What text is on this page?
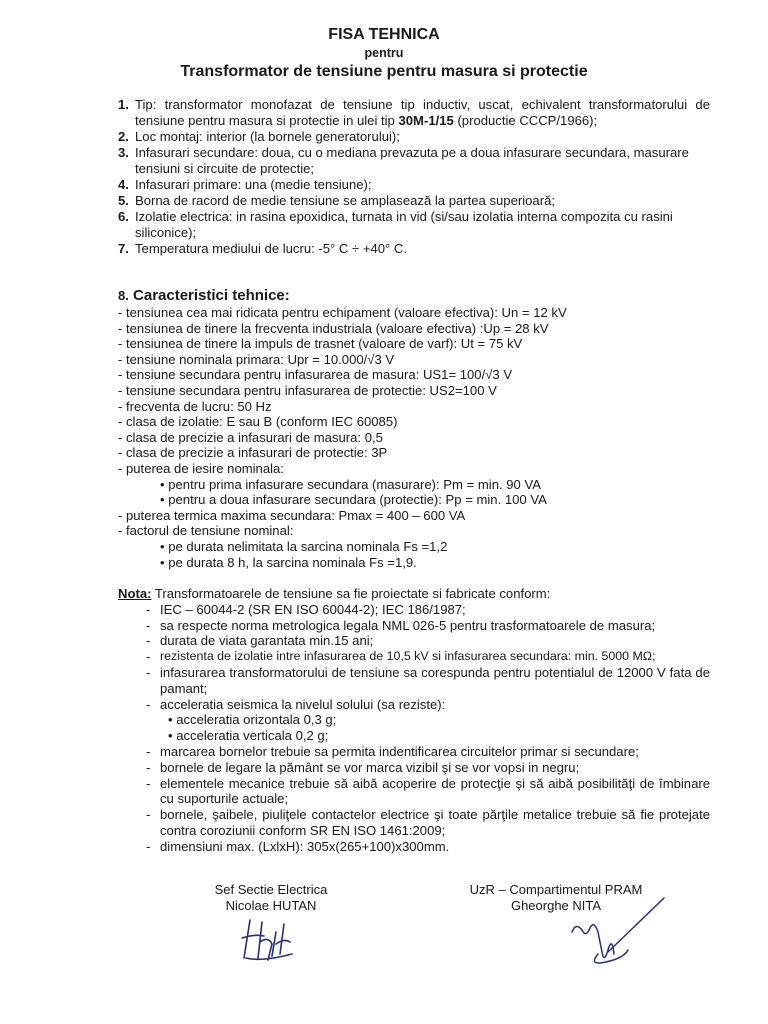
FISA TEHNICA
pentru
Transformator de tensiune pentru masura si protectie
1. Tip: transformator monofazat de tensiune tip inductiv, uscat, echivalent transformatorului de tensiune pentru masura si protectie in ulei tip 30M-1/15 (productie CCCP/1966);
2. Loc montaj: interior (la bornele generatorului);
3. Infasurari secundare: doua, cu o mediana prevazuta pe a doua infasurare secundara, masurare tensiuni si circuite de protectie;
4. Infasurari primare: una (medie tensiune);
5. Borna de racord de medie tensiune se amplasează la partea superioară;
6. Izolatie electrica: in rasina epoxidica, turnata in vid (si/sau izolatia interna compozita cu rasini siliconice);
7. Temperatura mediului de lucru: -5° C ÷ +40° C.
8. Caracteristici tehnice:
- tensiunea cea mai ridicata pentru echipament (valoare efectiva): Un = 12 kV
- tensiunea de tinere la frecventa industriala (valoare efectiva) :Up = 28 kV
- tensiunea de tinere la impuls de trasnet (valoare de varf): Ut = 75 kV
- tensiune nominala primara: Upr = 10.000/√3 V
- tensiune secundara pentru infasurarea de masura: US1= 100/√3 V
- tensiune secundara pentru infasurarea de protectie: US2=100 V
- frecventa de lucru: 50 Hz
- clasa de izolatie: E sau B (conform IEC 60085)
- clasa de precizie a infasurari de masura: 0,5
- clasa de precizie a infasurari de protectie: 3P
- puterea de iesire nominala:
• pentru prima infasurare secundara (masurare): Pm = min. 90 VA
• pentru a doua infasurare secundara (protectie): Pp = min. 100 VA
- puterea termica maxima secundara: Pmax = 400 – 600 VA
- factorul de tensiune nominal:
• pe durata nelimitata la sarcina nominala Fs =1,2
• pe durata 8 h, la sarcina nominala Fs =1,9.
Nota: Transformatoarele de tensiune sa fie proiectate si fabricate conform:
- IEC – 60044-2 (SR EN ISO 60044-2); IEC 186/1987;
- sa respecte norma metrologica legala NML 026-5 pentru trasformatoarele de masura;
- durata de viata garantata min.15 ani;
- rezistenta de izolatie intre infasurarea de 10,5 kV si infasurarea secundara: min. 5000 MΩ;
- infasurarea transformatorului de tensiune sa corespunda pentru potentialul de 12000 V fata de pamant;
- acceleratia seismica la nivelul solului (sa reziste):
• acceleratia orizontala 0,3 g;
• acceleratia verticala 0,2 g;
- marcarea bornelor trebuie sa permita indentificarea circuitelor primar si secundare;
- bornele de legare la pământ se vor marca vizibil şi se vor vopsi in negru;
- elementele mecanice trebuie să aibă acoperire de protecţie şi să aibă posibilităţi de îmbinare cu suporturile actuale;
- bornele, şaibele, piuliţele contactelor electrice şi toate părţile metalice trebuie să fie protejate contra coroziunii conform SR EN ISO 1461:2009;
- dimensiuni max. (LxlxH): 305x(265+100)x300mm.
Sef Sectie Electrica
Nicolae HUTAN
UzR – Compartimentul PRAM
Gheorghe NITA
